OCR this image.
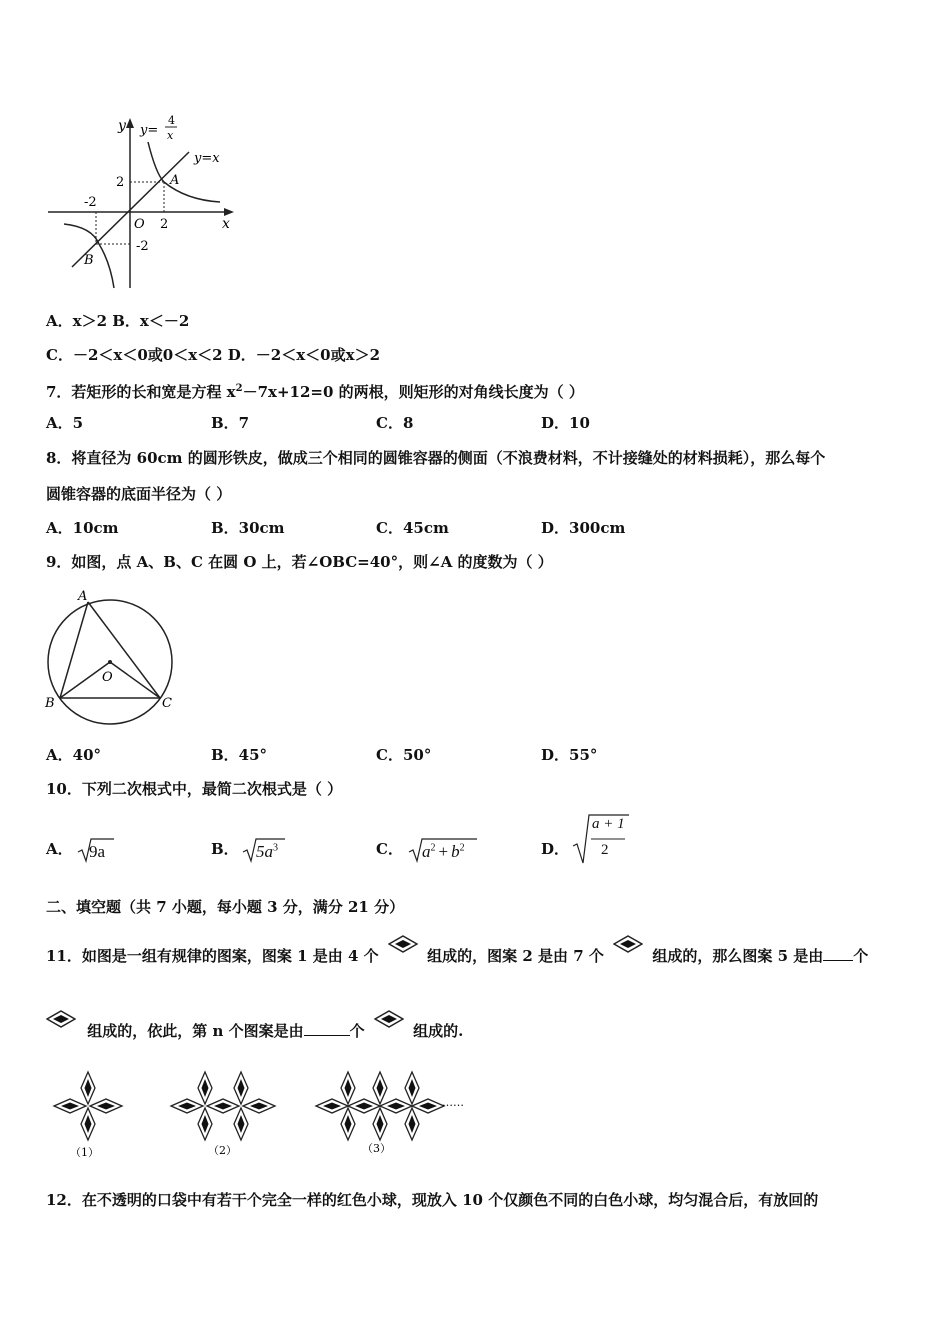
y y=
4
x
y=x
2	A
-2
O 2	x
-2
B
A．x＞2 B．x＜－2
C．－2＜x＜0或0＜x＜2 D．－2＜x＜0或x＞2
7．若矩形的长和宽是方程 $x^2-7x+12=0$ 的两根，则矩形的对角线长度为（ ）
A．5	B．7	C．8	D．10
8．将直径为 60cm 的圆形铁皮，做成三个相同的圆锥容器的侧面（不浪费材料，不计接缝处的材料损耗），那么每个
圆锥容器的底面半径为（ ）
A．10cm	B．30cm	C．45cm	D．300cm
9．如图，点 A、B、C 在圆 O 上，若∠OBC=40°，则∠A 的度数为（ ）
A
O
B	C
A．40°	B．45°	C．50°	D．55°
10．下列二次根式中，最简二次根式是（ ）
A． 9a	B． $5a^3$	C． $a^2 + b^2$	D．
a + 1
2
二、填空题（共 7 小题，每小题 3 分，满分 21 分）
11．如图是一组有规律的图案，图案 1 是由 4 个	组成的，图案 2 是由 7 个	组成的，那么图案 5 是由 个
组成的，依此，第 n 个图案是由	个	组成的.
……
（1）	（2）	（3）
12．在不透明的口袋中有若干个完全一样的红色小球，现放入 10 个仅颜色不同的白色小球，均匀混合后，有放回的
